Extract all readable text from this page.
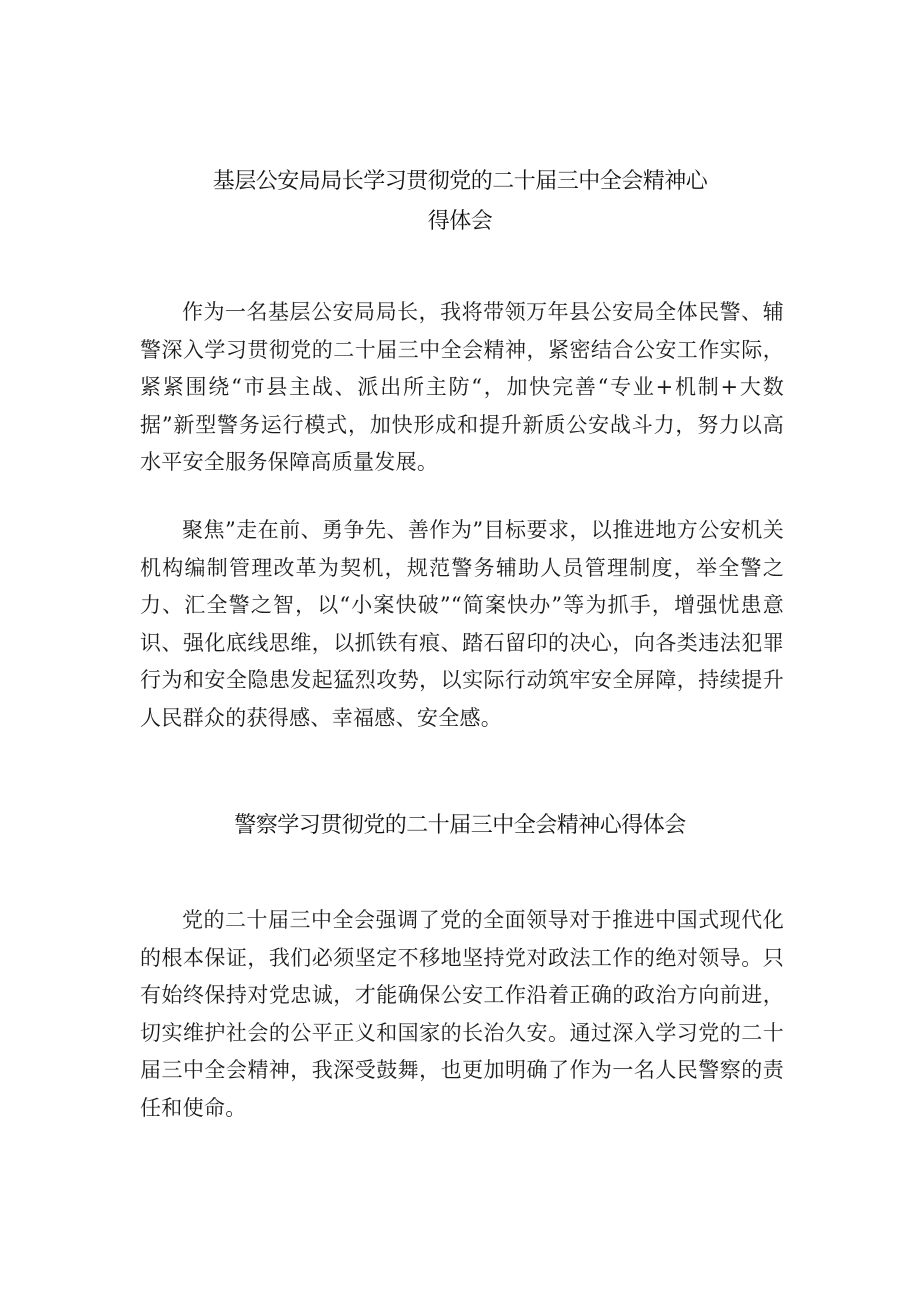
基层公安局局长学习贯彻党的二十届三中全会精神心
得体会

作为一名基层公安局局长，我将带领万年县公安局全体民警、辅警深入学习贯彻党的二十届三中全会精神，紧密结合公安工作实际，紧紧围绕“市县主战、派出所主防“，加快完善“专业+机制+大数据”新型警务运行模式，加快形成和提升新质公安战斗力，努力以高水平安全服务保障高质量发展。

聚焦”走在前、勇争先、善作为”目标要求，以推进地方公安机关机构编制管理改革为契机，规范警务辅助人员管理制度，举全警之力、汇全警之智，以“小案快破”“简案快办”等为抓手，增强忧患意识、强化底线思维，以抓铁有痕、踏石留印的决心，向各类违法犯罪行为和安全隐患发起猛烈攻势，以实际行动筑牢安全屏障，持续提升人民群众的获得感、幸福感、安全感。

警察学习贯彻党的二十届三中全会精神心得体会

党的二十届三中全会强调了党的全面领导对于推进中国式现代化的根本保证，我们必须坚定不移地坚持党对政法工作的绝对领导。只有始终保持对党忠诚，才能确保公安工作沿着正确的政治方向前进，切实维护社会的公平正义和国家的长治久安。通过深入学习党的二十届三中全会精神，我深受鼓舞，也更加明确了作为一名人民警察的责任和使命。
